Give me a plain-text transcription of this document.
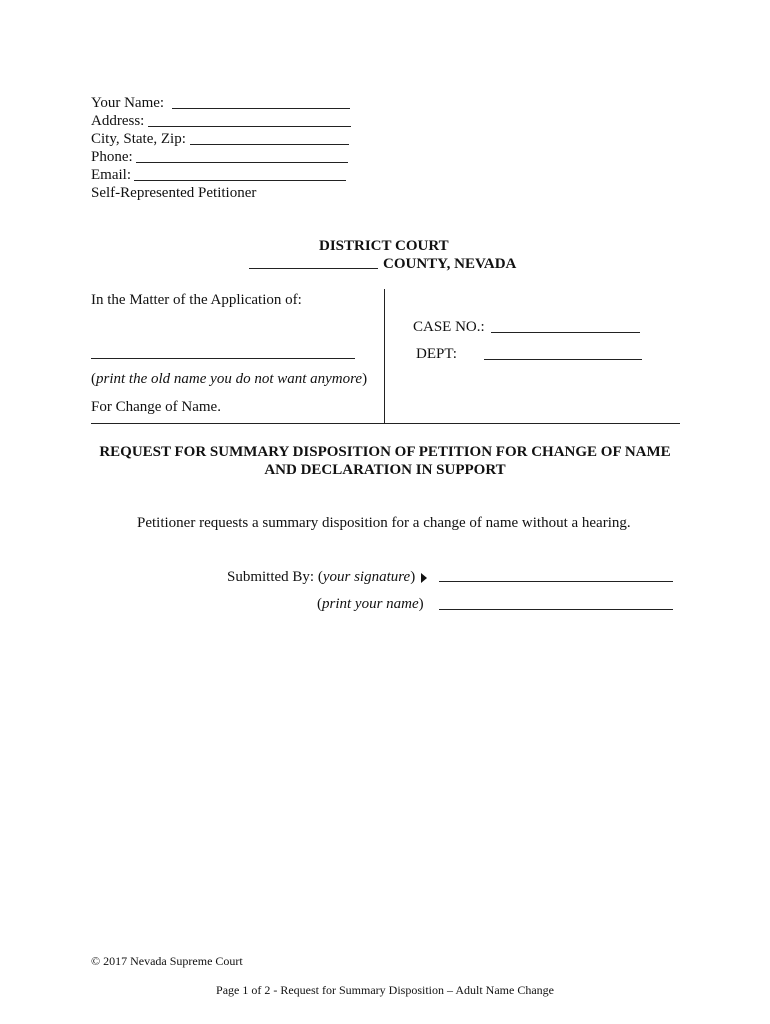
Your Name:
Address:
City, State, Zip:
Phone:
Email:
Self-Represented Petitioner
DISTRICT COURT
COUNTY, NEVADA
In the Matter of the Application of:
(print the old name you do not want anymore)
For Change of Name.
CASE NO.:
DEPT:
REQUEST FOR SUMMARY DISPOSITION OF PETITION FOR CHANGE OF NAME
AND DECLARATION IN SUPPORT
Petitioner requests a summary disposition for a change of name without a hearing.
Submitted By: (your signature)
(print your name)
© 2017 Nevada Supreme Court
Page 1 of 2 - Request for Summary Disposition – Adult Name Change
